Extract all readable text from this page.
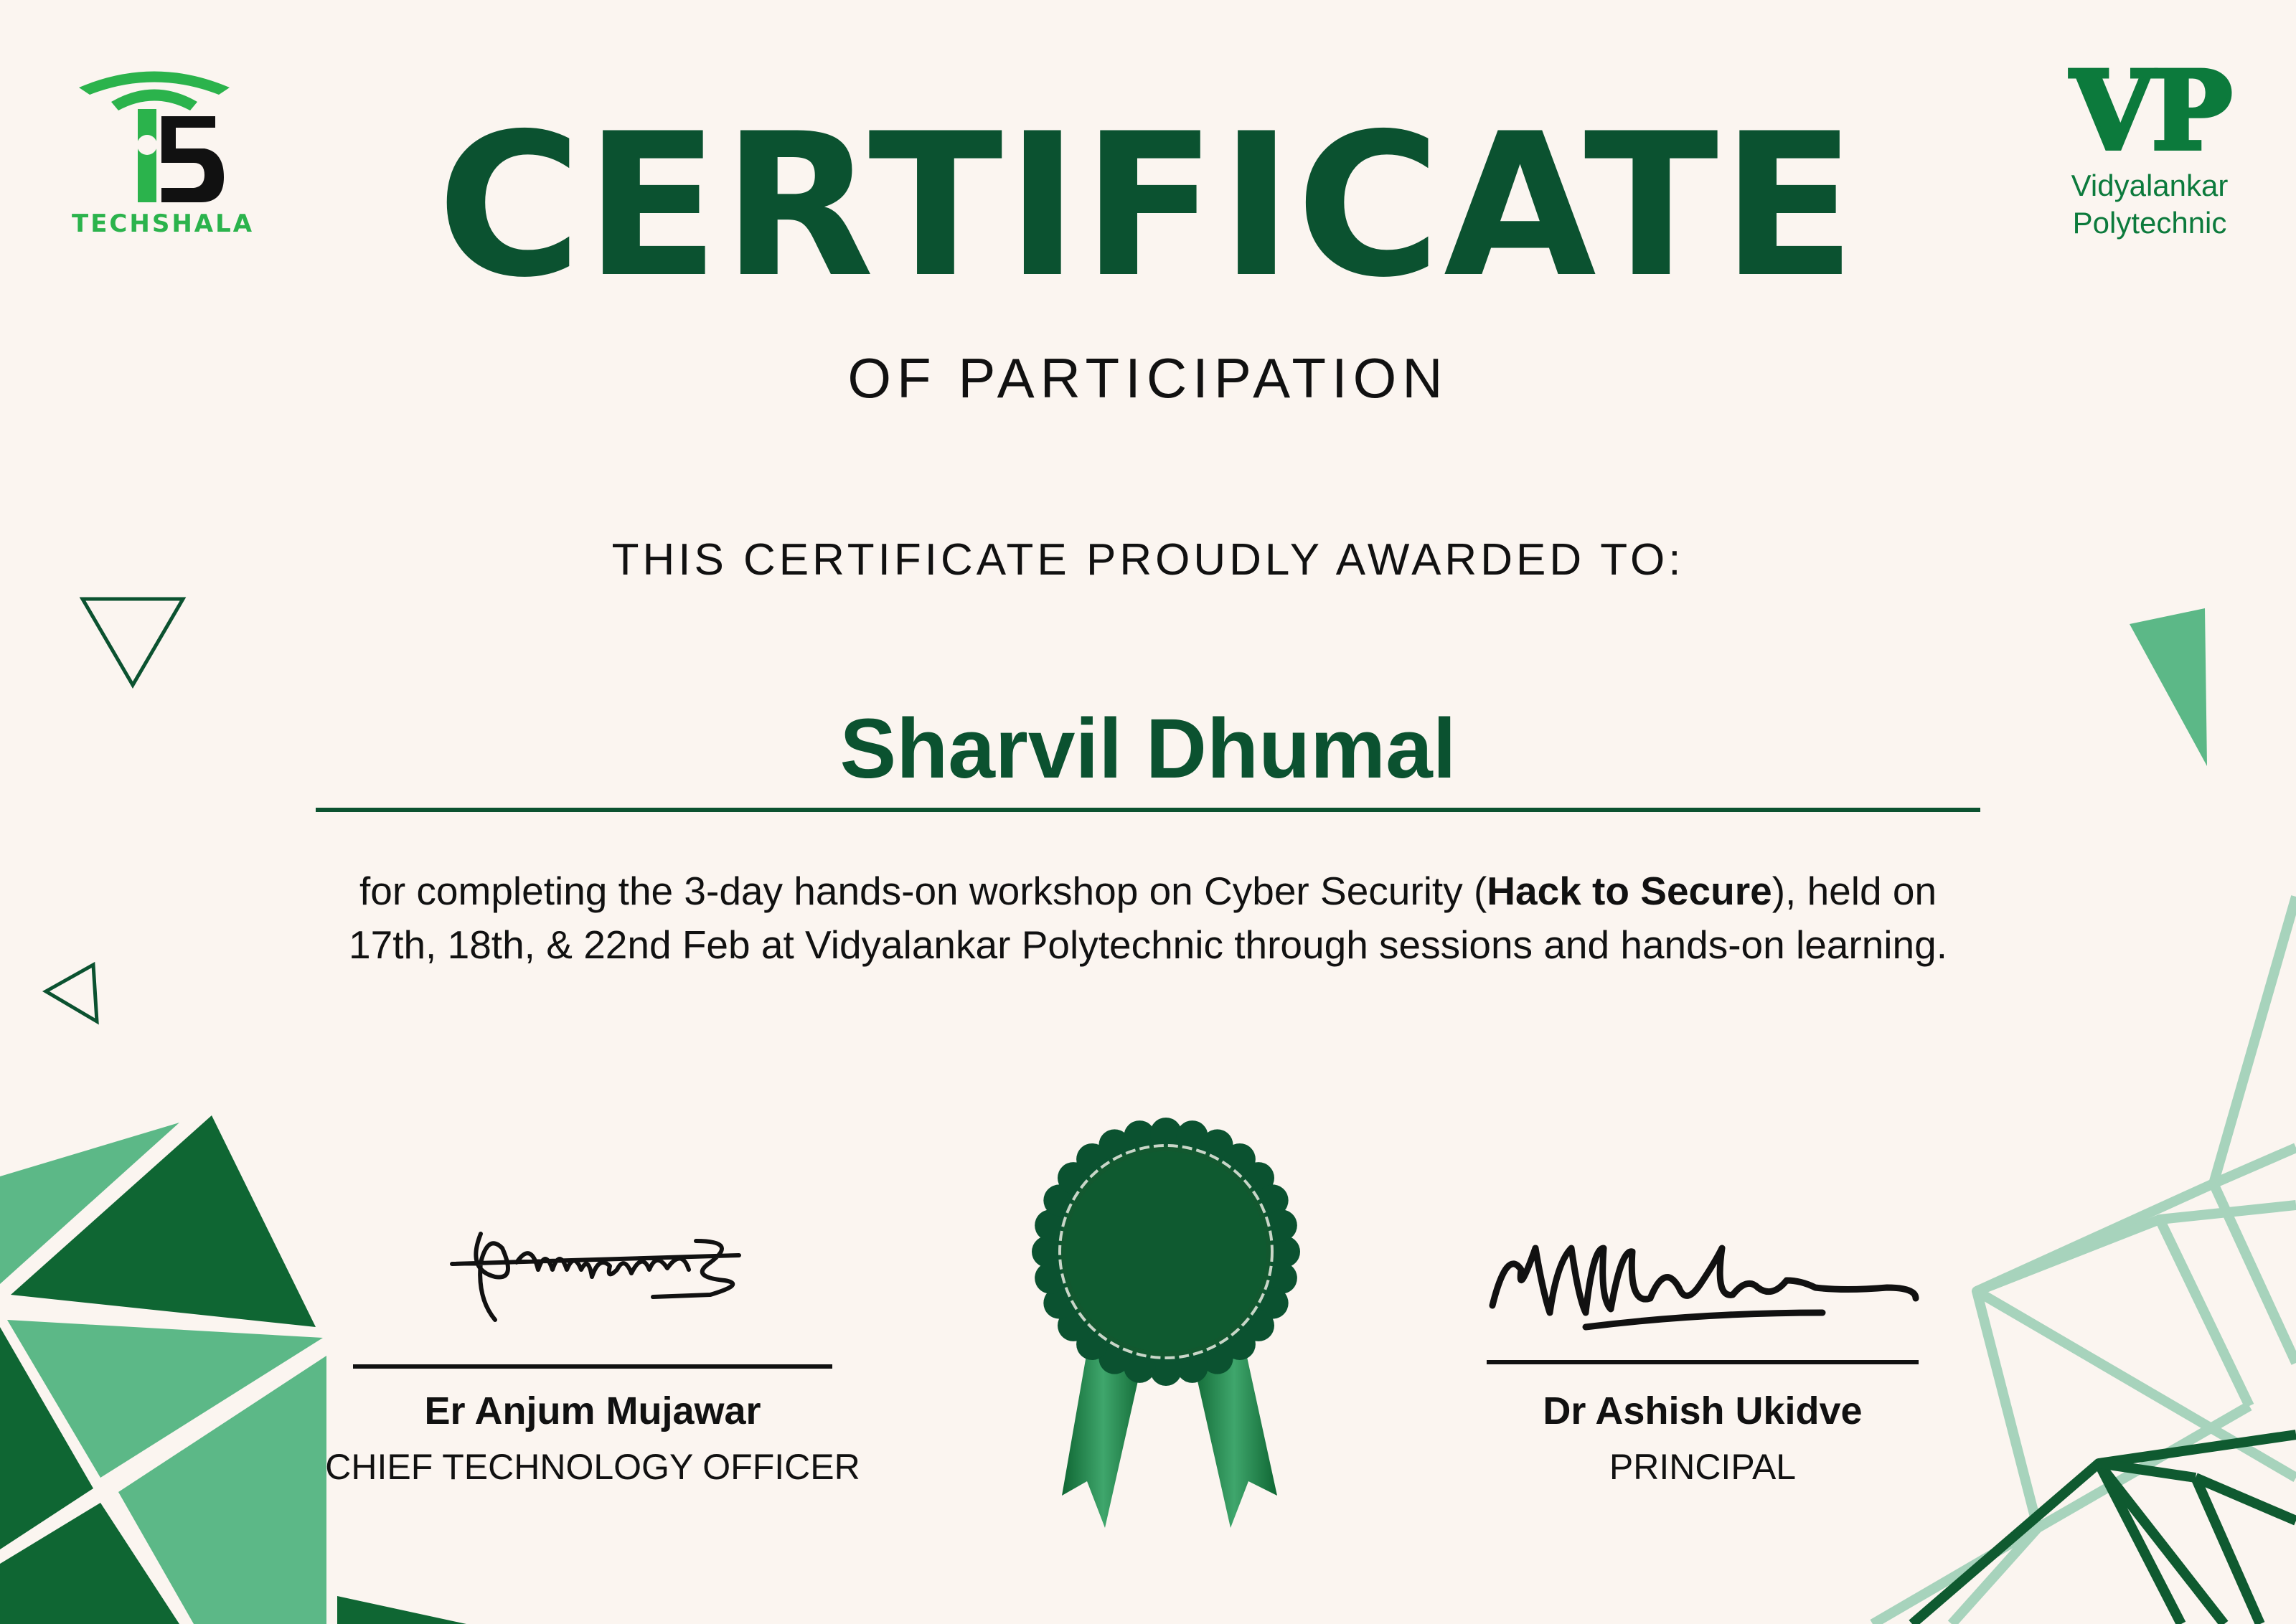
TECHSHALA
VP
Vidyalankar
Polytechnic
CERTIFICATE
OF PARTICIPATION
THIS CERTIFICATE PROUDLY AWARDED TO:
Sharvil Dhumal
for completing the 3-day hands-on workshop on Cyber Security (Hack to Secure), held on 17th, 18th, & 22nd Feb at Vidyalankar Polytechnic through sessions and hands-on learning.
Er Anjum Mujawar
CHIEF TECHNOLOGY OFFICER
Dr Ashish Ukidve
PRINCIPAL
